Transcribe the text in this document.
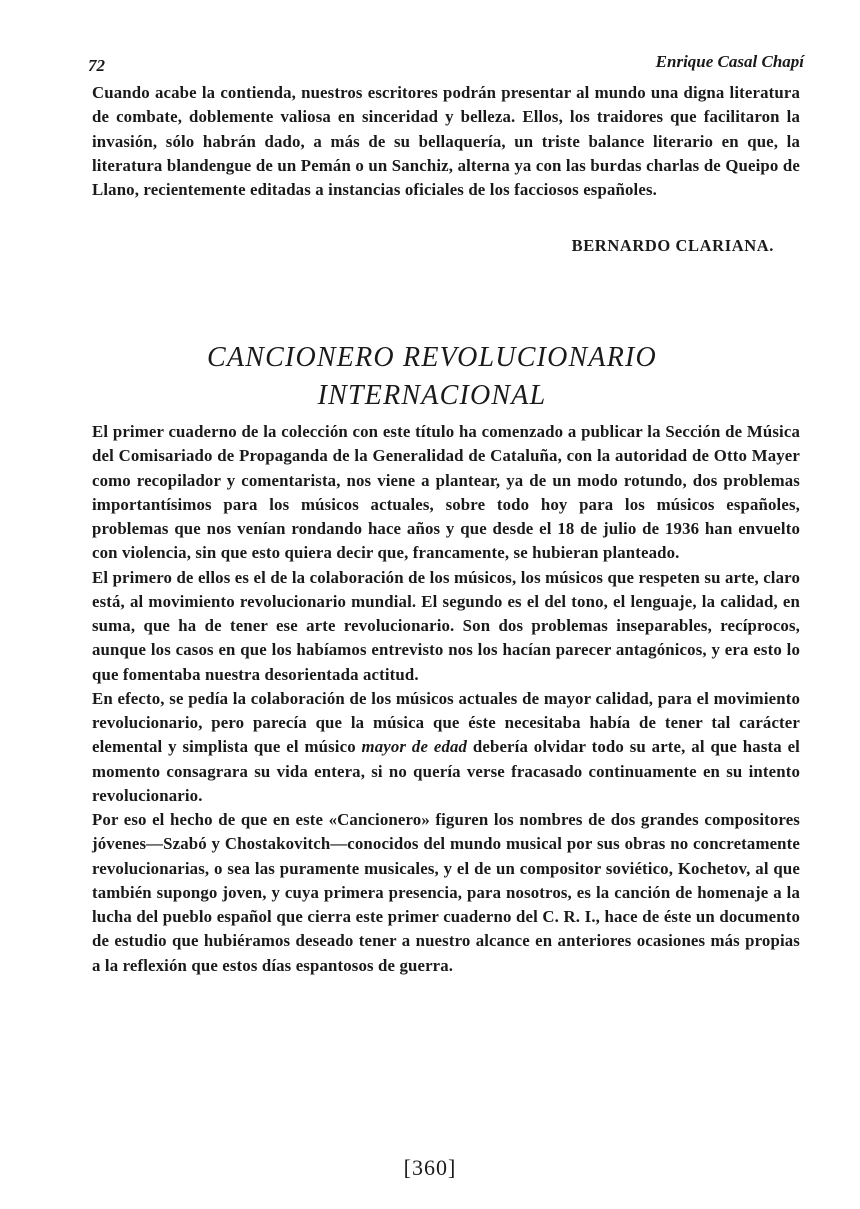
72	Enrique Casal Chapí

Cuando acabe la contienda, nuestros escritores podrán presentar al mundo una digna literatura de combate, doblemente valiosa en sinceridad y belleza. Ellos, los traidores que facilitaron la invasión, sólo habrán dado, a más de su bellaquería, un triste balance literario en que, la literatura blandengue de un Pemán o un Sanchiz, alterna ya con las burdas charlas de Queipo de Llano, recientemente editadas a instancias oficiales de los facciosos españoles.

BERNARDO CLARIANA.
CANCIONERO REVOLUCIONARIO
INTERNACIONAL

El primer cuaderno de la colección con este título ha comenzado a publicar la Sección de Música del Comisariado de Propaganda de la Generalidad de Cataluña, con la autoridad de Otto Mayer como recopilador y comentarista, nos viene a plantear, ya de un modo rotundo, dos problemas importantísimos para los músicos actuales, sobre todo hoy para los músicos españoles, problemas que nos venían rondando hace años y que desde el 18 de julio de 1936 han envuelto con violencia, sin que esto quiera decir que, francamente, se hubieran planteado.

El primero de ellos es el de la colaboración de los músicos, los músicos que respeten su arte, claro está, al movimiento revolucionario mundial. El segundo es el del tono, el lenguaje, la calidad, en suma, que ha de tener ese arte revolucionario. Son dos problemas inseparables, recíprocos, aunque los casos en que los habíamos entrevisto nos los hacían parecer antagónicos, y era esto lo que fomentaba nuestra desorientada actitud.

En efecto, se pedía la colaboración de los músicos actuales de mayor calidad, para el movimiento revolucionario, pero parecía que la música que éste necesitaba había de tener tal carácter elemental y simplista que el músico mayor de edad debería olvidar todo su arte, al que hasta el momento consagrara su vida entera, si no quería verse fracasado continuamente en su intento revolucionario.

Por eso el hecho de que en este «Cancionero» figuren los nombres de dos grandes compositores jóvenes—Szabó y Chostakovitch—conocidos del mundo musical por sus obras no concretamente revolucionarias, o sea las puramente musicales, y el de un compositor soviético, Kochetov, al que también supongo joven, y cuya primera presencia, para nosotros, es la canción de homenaje a la lucha del pueblo español que cierra este primer cuaderno del C. R. I., hace de éste un documento de estudio que hubiéramos deseado tener a nuestro alcance en anteriores ocasiones más propias a la reflexión que estos días espantosos de guerra.

[360]
